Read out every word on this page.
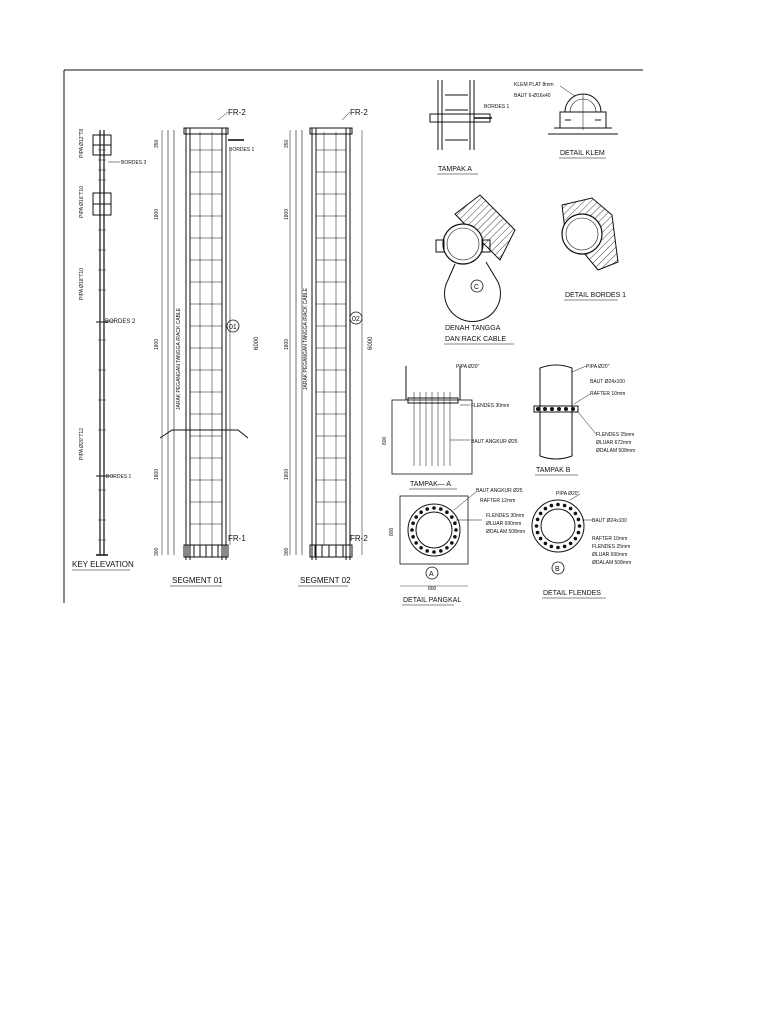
BORDES 3
BORDES 2
BORDES 1
PIPA Ø12"T8
PIPA Ø16"T10
PIPA Ø18"T10
PIPA Ø20"T12
KEY ELEVATION
FR-2
FR-1
BORDES 1
01
JARAK PEGANGAN TANGGA /RACK CABLE	6000
350
1800
1800
1800
300
SEGMENT 01
FR-2
FR-2
02
JARAK PEGANGAN TANGGA /RACK CABLE	6000
350
1800
1800
1800
300
SEGMENT 02
BORDES 1
TAMPAK A
KLEM PLAT 8mm
BAUT 6-Ø16x40
DETAIL KLEM
C
DENAH TANGGA
DAN RACK CABLE
DETAIL BORDES 1
PIPA Ø20"
FLENDES 30mm
BAUT ANGKUR Ø25
800
TAMPAK— A
PIPA Ø20"
BAUT Ø24x100
RAFTER 10mm
FLENDES 25mm
ØLUAR 672mm
ØDALAM 508mm
TAMPAK B
BAUT ANGKUR Ø25
RAFTER 12mm
FLENDES 30mm
ØLUAR 690mm
ØDALAM 508mm
800
800
A
DETAIL PANGKAL
PIPA Ø20"
BAUT Ø24x100
RAFTER 10mm
FLENDES 25mm
ØLUAR 690mm
ØDALAM 508mm
B
DETAIL FLENDES
